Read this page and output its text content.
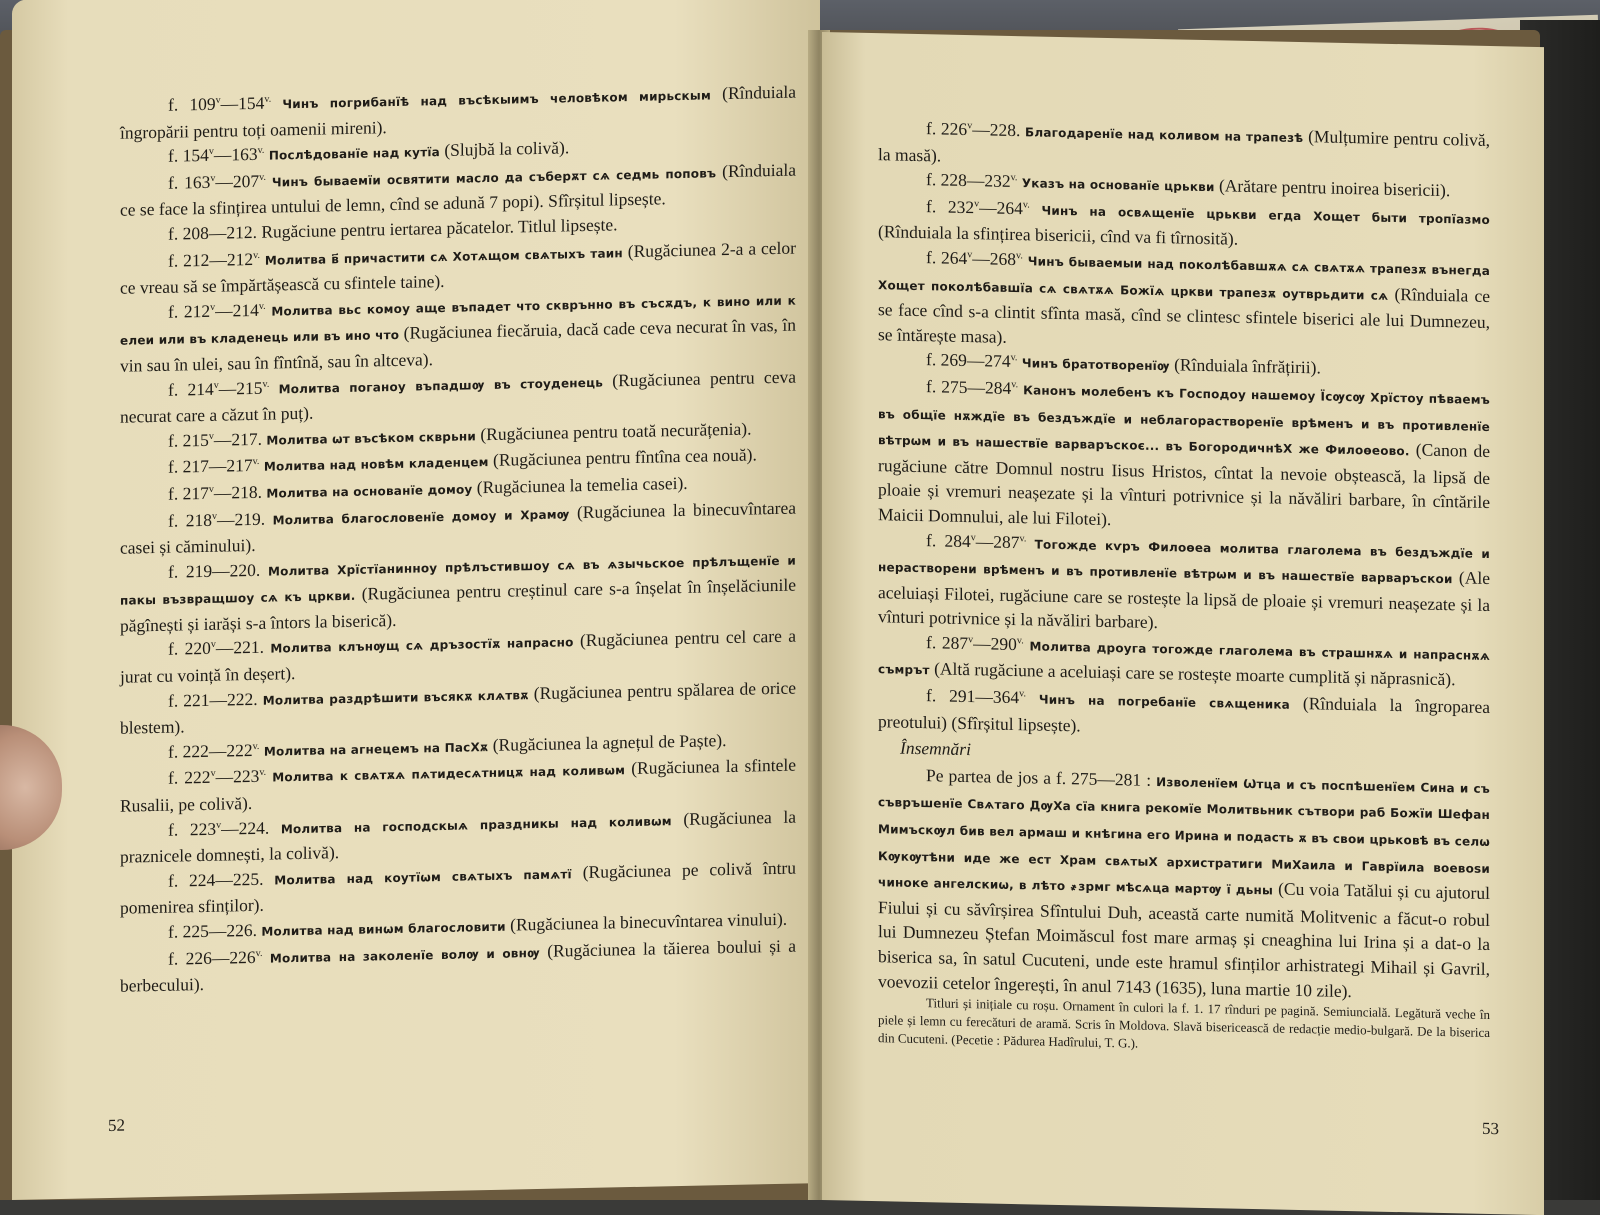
f. $109^v—154^{v.}$ Чинъ погрибанїѣ над въсѣкыимъ человѣком мирьскым (Rînduiala îngropării pentru toți oamenii mireni).

f. $154^v—163^{v.}$ Послѣдованїе над кутїа (Slujbă la colivă).

f. $163^v—207^{v.}$ Чинъ бываемїи освятити масло да съберѫт сѧ седмь поповъ (Rînduiala ce se face la sfințirea untului de lemn, cînd se adună 7 popi). Sfîrșitul lipsește.

f. 208—212. Rugăciune pentru iertarea păcatelor. Titlul lipsește.

f. $212—212^{v.}$ Молитва в҃ причастити сѧ Хотѧщом свѧтыхъ таин (Rugăciunea 2-a a celor ce vreau să se împărtășească cu sfintele taine).

f. $212^v—214^{v.}$ Молитва вьс комоу аще въпадет что скврънно въ съсѫдъ, к вино или к елеи или въ кладенець или въ ино что (Rugăciunea fiecăruia, dacă cade ceva necurat în vas, în vin sau în ulei, sau în fîntînă, sau în altceva).

f. $214^v—215^{v.}$ Молитва поганоу въпадшѹ въ стоуденець (Rugăciunea pentru ceva necurat care a căzut în puț).

f. 215$^v$—217. Молитва ѡт въсѣком скврьни (Rugăciunea pentru toată necurățenia).

f. $217—217^{v.}$ Молитва над новѣм кладенцем (Rugăciunea pentru fîntîna cea nouă).

f. 217$^v$—218. Молитва на основанїе домоу (Rugăciunea la temelia casei).

f. 218$^v$—219. Молитва благословенїе домоу и Храмѹ (Rugăciunea la binecuvîntarea casei și căminului).

f. 219—220. Молитва Хрїстїанинноу прѣлъстившоу сѧ въ ѧзычьское прѣлъщенїе и пакы възвращшоу сѧ къ цркви. (Rugăciunea pentru creștinul care s-a înșelat în înșelăciunile păgînești și iarăși s-a întors la biserică).

f. 220$^v$—221. Молитва клънѹщ сѧ дръзостїѫ напрасно (Rugăciunea pentru cel care a jurat cu voință în deșert).

f. 221—222. Молитва раздрѣшити въсякѫ клѧтвѫ (Rugăciunea pentru spălarea de orice blestem).

f. $222—222^{v.}$ Молитва на агнецемъ на ПасХѫ (Rugăciunea la agnețul de Paște).

f. $222^v—223^{v.}$ Молитва к свѧтѫѧ пѧтидесѧтницѫ над коливѡм (Rugăciunea la sfintele Rusalii, pe colivă).

f. 223$^v$—224. Молитва на господскыѧ праздникы над коливѡм (Rugăciunea la praznicele domnești, la colivă).

f. 224—225. Молитва над коутїѡм свѧтыхъ памѧтї (Rugăciunea pe colivă întru pomenirea sfinților).

f. 225—226. Молитва над винѡм благословити (Rugăciunea la binecuvîntarea vinului).

f. $226—226^{v.}$ Молитва на заколенїе волѹ и овнѹ (Rugăciunea la tăierea boului și a berbecului).

52

f. 226$^v$—228. Благодаренїе над коливом на трапезѣ (Mulțumire pentru colivă, la masă).

f. $228—232^{v.}$ Указъ на основанїе црькви (Arătare pentru inoirea bisericii).

f. $232^v—264^{v.}$ Чинъ на освѧщенїе црькви егда Хощет быти тропїазмо (Rînduiala la sfințirea bisericii, cînd va fi tîrnosită).

f. $264^v—268^{v.}$ Чинъ бываемыи над поколѣбавшѫѧ сѧ свѧтѫѧ трапезѫ вънегда Хощет поколѣбавшїа сѧ свѧтѫѧ Божїѧ цркви трапезѫ оутврьдити сѧ (Rînduiala ce se face cînd s-a clintit sfînta masă, cînd se clintesc sfintele biserici ale lui Dumnezeu, se întărește masa).

f. $269—274^{v.}$ Чинъ братотворенїѹ (Rînduiala înfrățirii).

f. $275—284^{v.}$ Канонъ молебенъ къ Господоу нашемоу Їсѹсѹ Хрїстоу пѣваемъ въ общїе нѫждїе въ бездъждїе и неблагорастворенїе врѣменъ и въ противленїе вѣтрѡм и въ нашествїе варваръскоє... въ БогородичнѣХ же Филоѳеово. (Canon de rugăciune către Domnul nostru Iisus Hristos, cîntat la nevoie obștească, la lipsă de ploaie și vremuri neașezate și la vînturi potrivnice și la năvăliri barbare, în cîntările Maicii Domnului, ale lui Filotei).

f. $284^v—287^{v.}$ Тогожде кѵръ Филоѳеа молитва глаголема въ бездъждїе и нерастворени врѣменъ и въ противленїе вѣтрѡм и въ нашествїе варваръскои (Ale aceluiași Filotei, rugăciune care se rostește la lipsă de ploaie și vremuri neașezate și la vînturi potrivnice și la năvăliri barbare).

f. $287^v—290^{v.}$ Молитва дроуга тогожде глаголема въ страшнѫѧ и напраснѫѧ съмрът (Altă rugăciune a aceluiași care se rostește moarte cumplită și năprasnică).

f. $291—364^{v.}$ Чинъ на погребанїе свѧщеника (Rînduiala la îngroparea preotului) (Sfîrșitul lipsește).

Însemnări

Pe partea de jos a f. 275—281 : Изволенїем Ѡтца и съ поспѣшенїем Сина и съ съвръшенїе Свѧтаго ДѹХа сїа книга рекомїе Молитвьник сътвори раб Божїи Шефан Мимъскѹл бив вел армаш и кнѣгина его Ирина и подасть ѫ въ свои црьковѣ въ селѡ Кѹкѹтѣни иде же ест Храм свѧтыХ архистратиги МиХаила и Гаврїила воевоѕи чиноке ангелскиѡ, в лѣто ҂зрмг мѣсѧца мартѹ ї дьны (Cu voia Tatălui și cu ajutorul Fiului și cu săvîrșirea Sfîntului Duh, această carte numită Molitvenic a făcut-o robul lui Dumnezeu Ștefan Moimăscul fost mare armaș și cneaghina lui Irina și a dat-o la biserica sa, în satul Cucuteni, unde este hramul sfinților arhistrategi Mihail și Gavril, voevozii cetelor îngerești, în anul 7143 (1635), luna martie 10 zile).

Titluri și inițiale cu roșu. Ornament în culori la f. 1. 17 rînduri pe pagină. Semiuncială. Legătură veche în piele și lemn cu ferecături de aramă. Scris în Moldova. Slavă bisericească de redacție medio-bulgară. De la biserica din Cucuteni. (Pecetie : Pădurea Hadîrului, T. G.).

53
